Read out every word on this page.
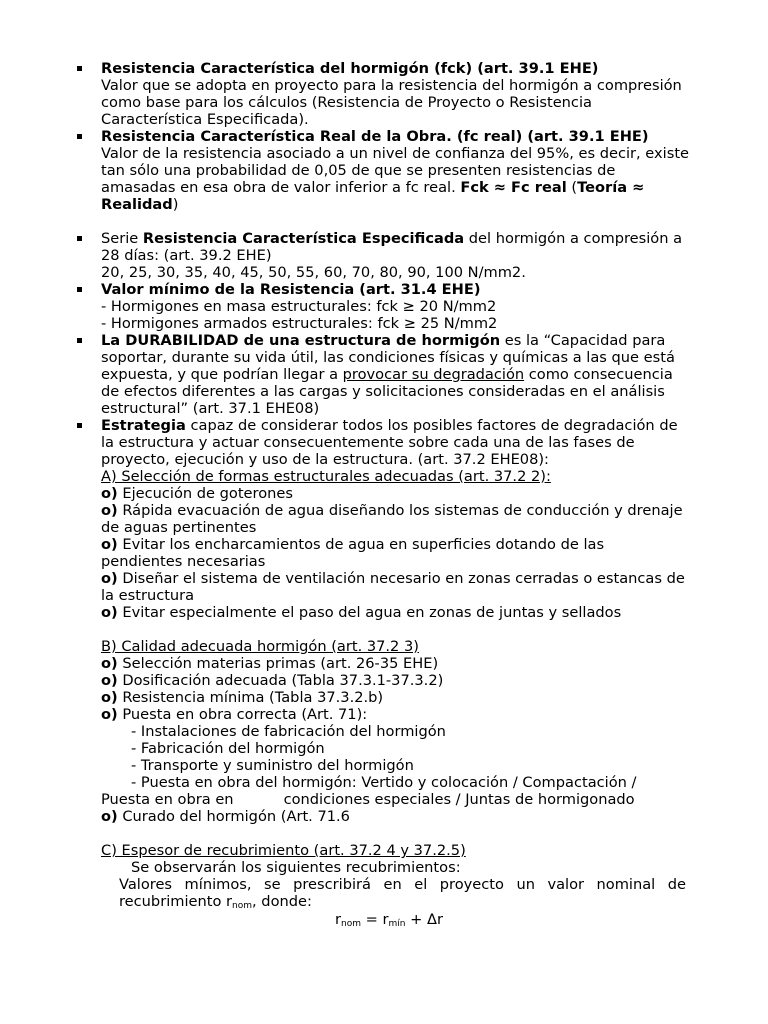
Resistencia Característica del hormigón (fck) (art. 39.1 EHE)
Valor que se adopta en proyecto para la resistencia del hormigón a compresión como base para los cálculos (Resistencia de Proyecto o Resistencia Característica Especificada).
Resistencia Característica Real de la Obra. (fc real) (art. 39.1 EHE)
Valor de la resistencia asociado a un nivel de confianza del 95%, es decir, existe tan sólo una probabilidad de 0,05 de que se presenten resistencias de amasadas en esa obra de valor inferior a fc real. Fck ≈ Fc real (Teoría ≈ Realidad)
Serie Resistencia Característica Especificada del hormigón a compresión a 28 días: (art. 39.2 EHE)
20, 25, 30, 35, 40, 45, 50, 55, 60, 70, 80, 90, 100 N/mm2.
Valor mínimo de la Resistencia (art. 31.4 EHE)
- Hormigones en masa estructurales: fck ≥ 20 N/mm2
- Hormigones armados estructurales: fck ≥ 25 N/mm2
La DURABILIDAD de una estructura de hormigón es la “Capacidad para soportar, durante su vida útil, las condiciones físicas y químicas a las que está expuesta, y que podrían llegar a provocar su degradación como consecuencia de efectos diferentes a las cargas y solicitaciones consideradas en el análisis estructural” (art. 37.1 EHE08)
Estrategia capaz de considerar todos los posibles factores de degradación de la estructura y actuar consecuentemente sobre cada una de las fases de proyecto, ejecución y uso de la estructura. (art. 37.2 EHE08):
A) Selección de formas estructurales adecuadas (art. 37.2 2):
o) Ejecución de goterones
o) Rápida evacuación de agua diseñando los sistemas de conducción y drenaje de aguas pertinentes
o) Evitar los encharcamientos de agua en superficies dotando de las pendientes necesarias
o) Diseñar el sistema de ventilación necesario en zonas cerradas o estancas de la estructura
o) Evitar especialmente el paso del agua en zonas de juntas y sellados
B) Calidad adecuada hormigón (art. 37.2 3)
o) Selección materias primas (art. 26-35 EHE)
o) Dosificación adecuada (Tabla 37.3.1-37.3.2)
o) Resistencia mínima (Tabla 37.3.2.b)
o) Puesta en obra correcta (Art. 71):
- Instalaciones de fabricación del hormigón
- Fabricación del hormigón
- Transporte y suministro del hormigón
- Puesta en obra del hormigón: Vertido y colocación / Compactación /
Puesta en obra en	condiciones especiales / Juntas de hormigonado
o) Curado del hormigón (Art. 71.6
C) Espesor de recubrimiento (art. 37.2 4 y 37.2.5)
Se observarán los siguientes recubrimientos:
Valores mínimos, se prescribirá en el proyecto un valor nominal de recubrimiento $r_{nom}$, donde:
$r_{nom} = r_{mín} + \Delta r$
